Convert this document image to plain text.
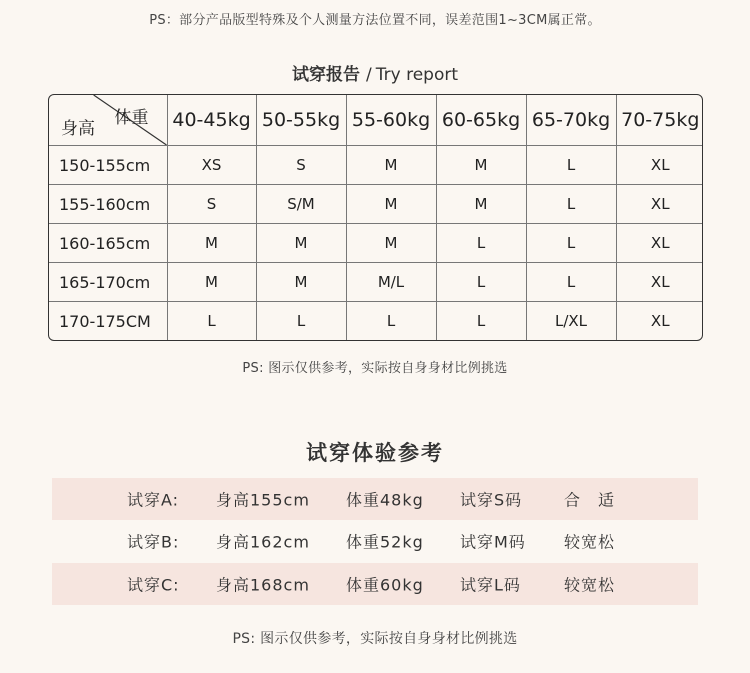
PS：部分产品版型特殊及个人测量方法位置不同，误差范围1~3CM属正常。
试穿报告 / Try report
体重
身高	40-45kg	50-55kg	55-60kg	60-65kg	65-70kg	70-75kg
150-155cm	XS	S	M	M	L	XL
155-160cm	S	S/M	M	M	L	XL
160-165cm	M	M	M	L	L	XL
165-170cm	M	M	M/L	L	L	XL
170-175CM	L	L	L	L	L/XL	XL
PS: 图示仅供参考，实际按自身身材比例挑选
试穿体验参考
试穿A: 身高155cm 体重48kg 试穿S码	合　适
试穿B: 身高162cm 体重52kg 试穿M码 较宽松
试穿C: 身高168cm 体重60kg 试穿L码	较宽松
PS: 图示仅供参考，实际按自身身材比例挑选
